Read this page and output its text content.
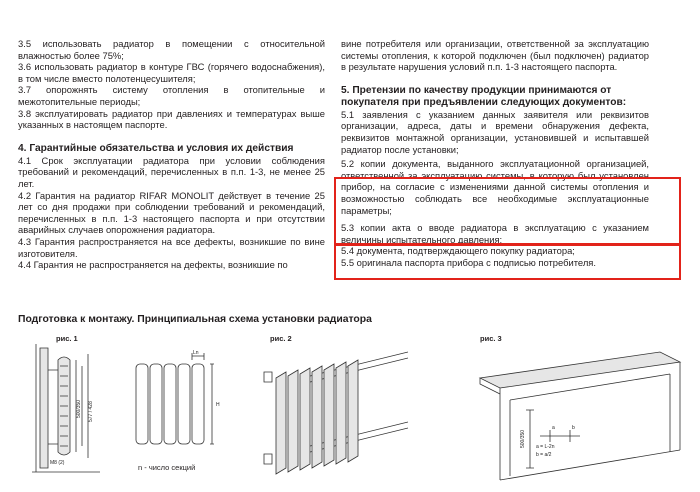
3.5 использовать радиатор в помещении с относительной влажностью более 75%;

3.6 использовать радиатор в контуре ГВС (горячего водоснабжения), в том числе вместо полотенцесушителя;

3.7 опорожнять систему отопления в отопительные и межотопительные периоды;

3.8 эксплуатировать радиатор при давлениях и температурах выше указанных в настоящем паспорте.

4. Гарантийные обязательства и условия их действия

4.1 Срок эксплуатации радиатора при условии соблюдения требований и рекомендаций, перечисленных в п.п. 1-3, не менее 25 лет.

4.2 Гарантия на радиатор RIFAR MONOLIT действует в течение 25 лет со дня продажи при соблюдении требований и рекомендаций, перечисленных в п.п. 1-3 настоящего паспорта и при отсутствии аварийных случаев опорожнения радиатора.

4.3 Гарантия распространяется на все дефекты, возникшие по вине изготовителя.

4.4 Гарантия не распространяется на дефекты, возникшие по

вине потребителя или организации, ответственной за эксплуатацию системы отопления, к которой подключен (был подключен) радиатор в результате нарушения условий п.п. 1-3 настоящего паспорта.

5. Претензии по качеству продукции принимаются от покупателя при предъявлении следующих документов:

5.1 заявления с указанием данных заявителя или реквизитов организации, адреса, даты и времени обнаружения дефекта, реквизитов монтажной организации, установившей и испытавшей радиатор после установки;

5.2 копии документа, выданного эксплуатационной организацией, ответственной за эксплуатацию системы, в которую был установлен прибор, на согласие с изменениями данной системы отопления и возможностью соблюдать все необходимые эксплуатационные параметры;

5.3 копии акта о вводе радиатора в эксплуатацию с указанием величины испытательного давления;

5.4 документа, подтверждающего покупку радиатора;

5.5 оригинала паспорта прибора с подписью потребителя.

Подготовка к монтажу. Принципиальная схема установки радиатора
рис. 1	рис. 2	рис. 3
500/350 577 / 428
M8 (2)
Ln
H
n - число секций
500/350
a	b
a = L-2n
b = a/2
